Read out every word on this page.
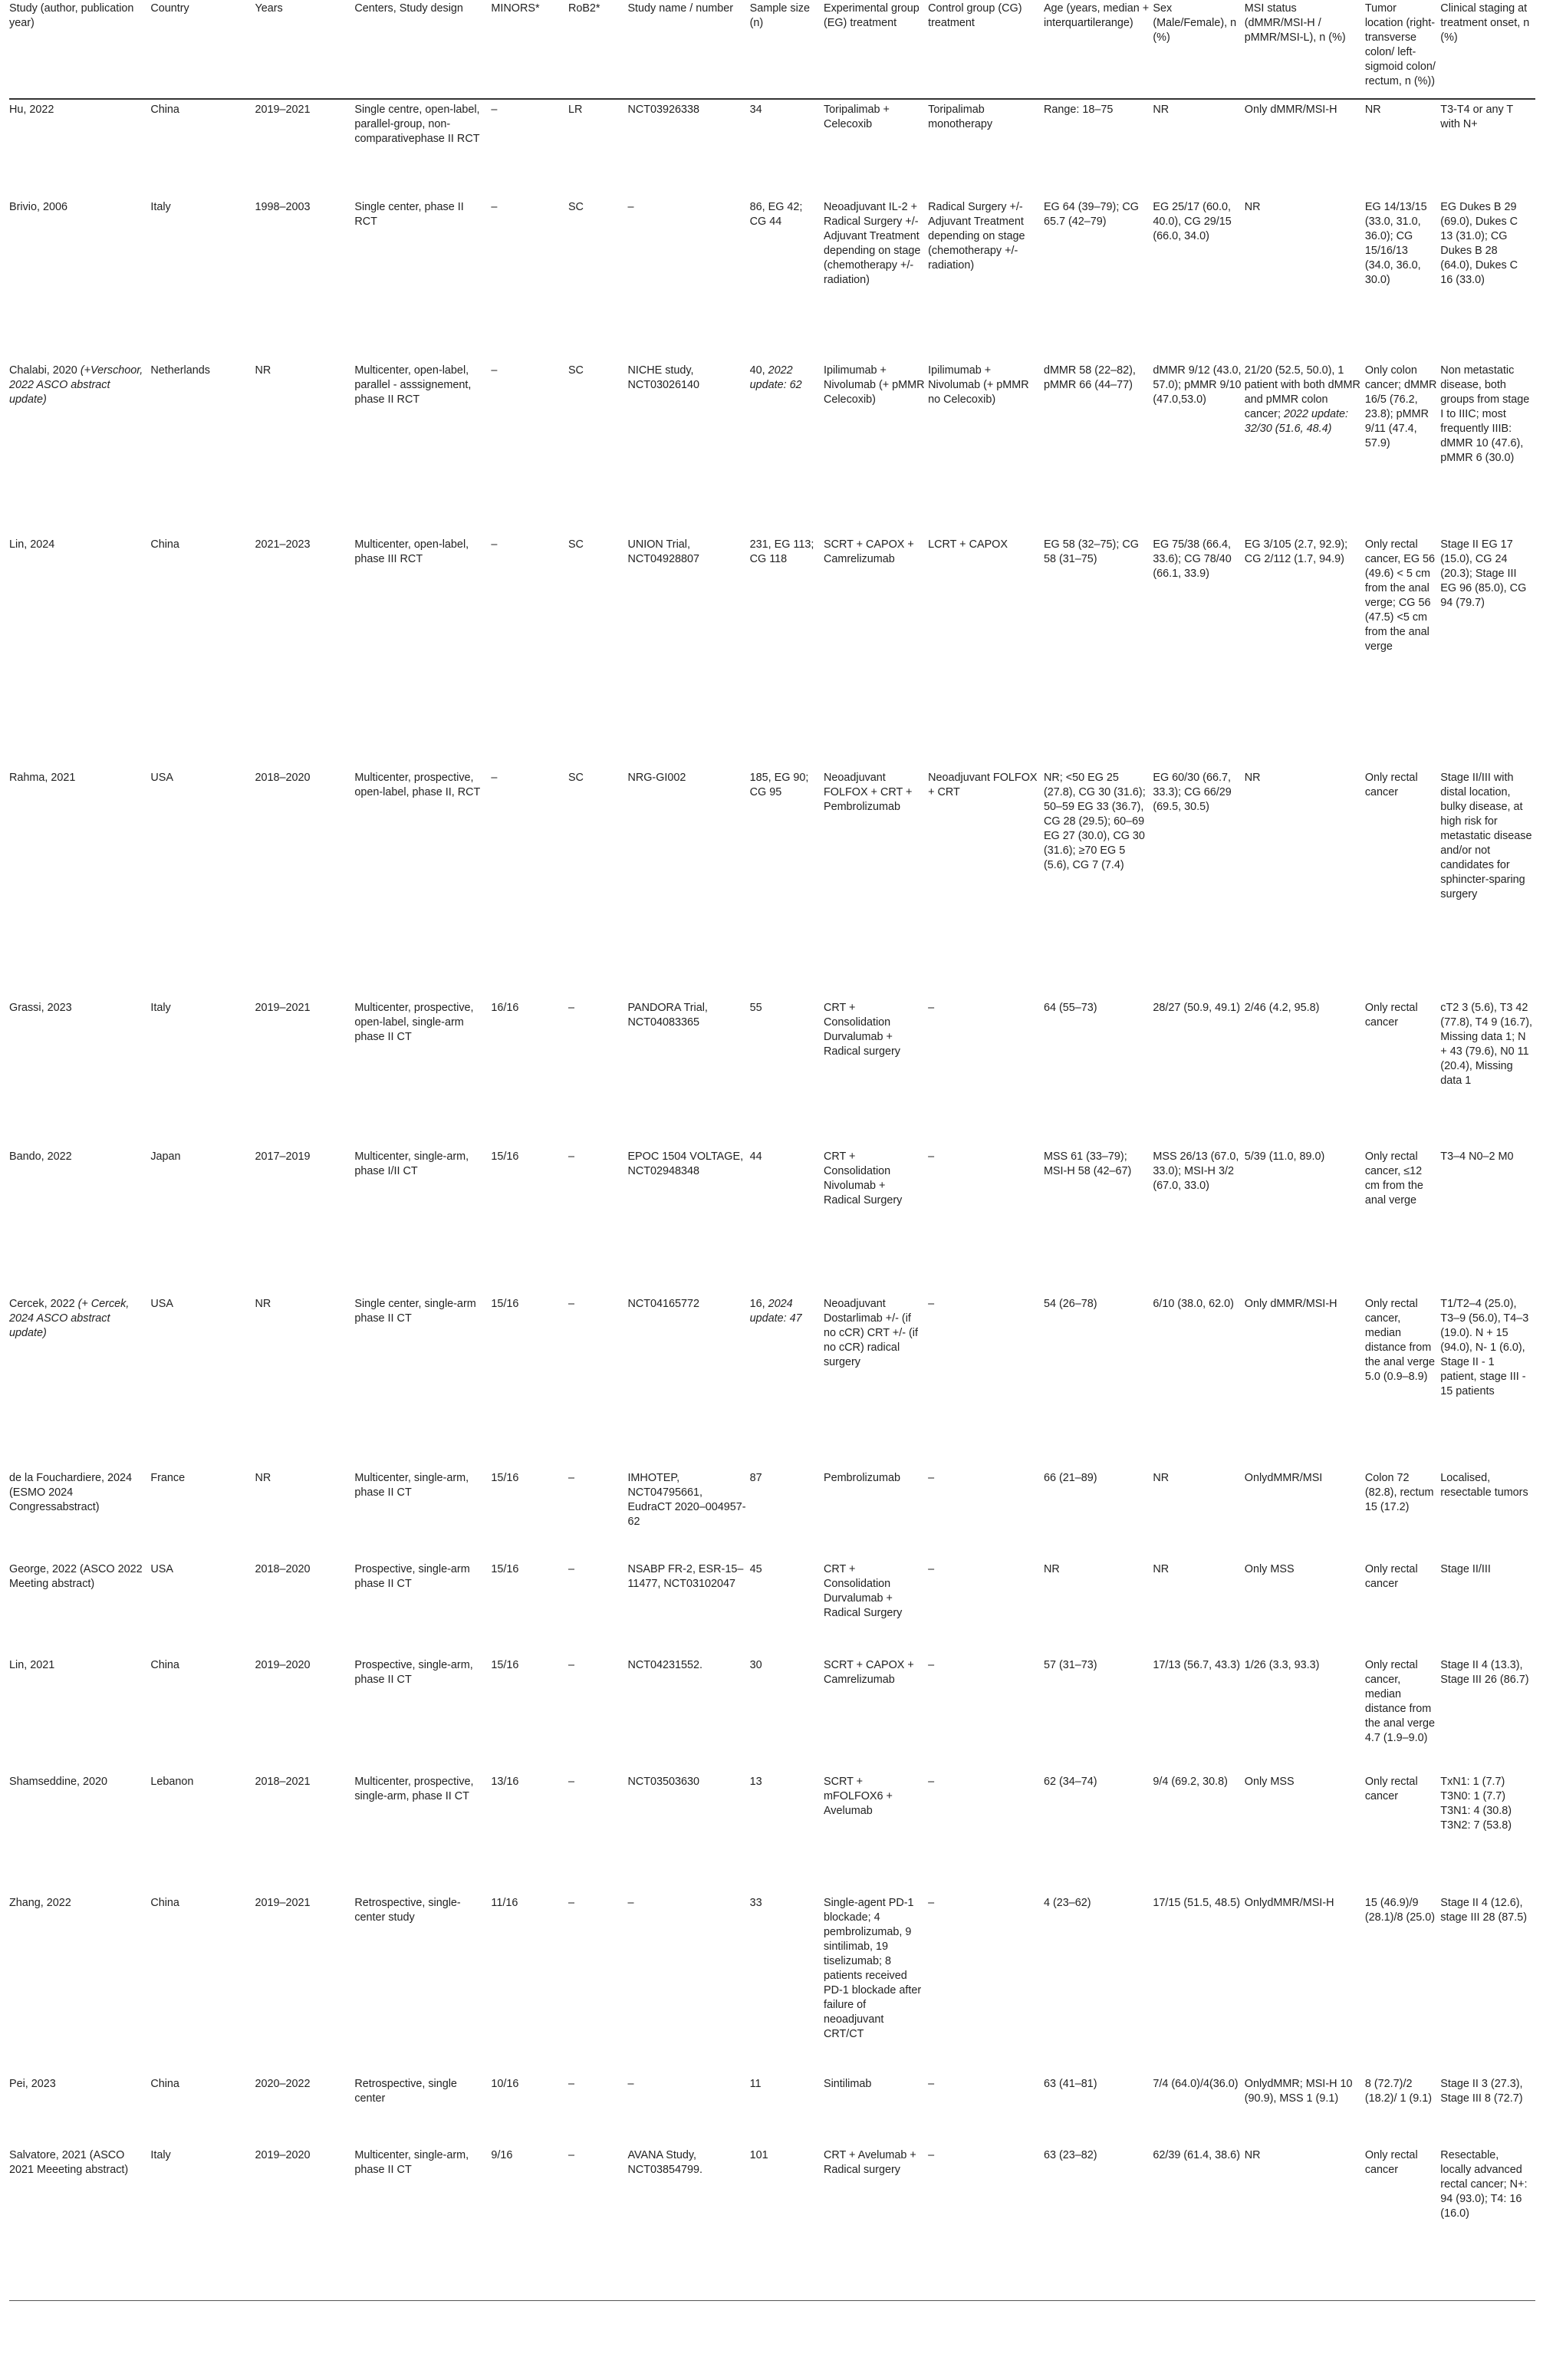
Study (author, publication year)	Country	Years	Centers, Study design	MINORS*	RoB2*	Study name / number	Sample size (n)	Experimental group (EG) treatment	Control group (CG) treatment	Age (years, median + interquartilerange)	Sex (Male/Female), n (%)	MSI status (dMMR/MSI-H / pMMR/MSI-L), n (%)	Tumor location (right-transverse colon/ left-sigmoid colon/ rectum, n (%))	Clinical staging at treatment onset, n (%)
Hu, 2022	China	2019–2021	Single centre, open-label, parallel-group, non-comparativephase II RCT	–	LR	NCT03926338	34	Toripalimab + Celecoxib	Toripalimab monotherapy	Range: 18–75	NR	Only dMMR/MSI-H	NR	T3-T4 or any T with N+
Brivio, 2006	Italy	1998–2003	Single center, phase II RCT	–	SC	–	86, EG 42; CG 44	Neoadjuvant IL-2 + Radical Surgery +/- Adjuvant Treatment depending on stage (chemotherapy +/- radiation)	Radical Surgery +/- Adjuvant Treatment depending on stage (chemotherapy +/- radiation)	EG 64 (39–79); CG 65.7 (42–79)	EG 25/17 (60.0, 40.0), CG 29/15 (66.0, 34.0)	NR	EG 14/13/15 (33.0, 31.0, 36.0); CG 15/16/13 (34.0, 36.0, 30.0)	EG Dukes B 29 (69.0), Dukes C 13 (31.0); CG Dukes B 28 (64.0), Dukes C 16 (33.0)
Chalabi, 2020 (+Verschoor, 2022 ASCO abstract update)	Netherlands	NR	Multicenter, open-label, parallel - asssignement, phase II RCT	–	SC	NICHE study, NCT03026140	40, 2022 update: 62	Ipilimumab + Nivolumab (+ pMMR Celecoxib)	Ipilimumab + Nivolumab (+ pMMR no Celecoxib)	dMMR 58 (22–82), pMMR 66 (44–77)	dMMR 9/12 (43.0, 57.0); pMMR 9/10 (47.0,53.0)	21/20 (52.5, 50.0), 1 patient with both dMMR and pMMR colon cancer; 2022 update: 32/30 (51.6, 48.4)	Only colon cancer; dMMR 16/5 (76.2, 23.8); pMMR 9/11 (47.4, 57.9)	Non metastatic disease, both groups from stage I to IIIC; most frequently IIIB: dMMR 10 (47.6), pMMR 6 (30.0)
Lin, 2024	China	2021–2023	Multicenter, open-label, phase III RCT	–	SC	UNION Trial, NCT04928807	231, EG 113; CG 118	SCRT + CAPOX + Camrelizumab	LCRT + CAPOX	EG 58 (32–75); CG 58 (31–75)	EG 75/38 (66.4, 33.6); CG 78/40 (66.1, 33.9)	EG 3/105 (2.7, 92.9); CG 2/112 (1.7, 94.9)	Only rectal cancer, EG 56 (49.6) < 5 cm from the anal verge; CG 56 (47.5) <5 cm from the anal verge	Stage II EG 17 (15.0), CG 24 (20.3); Stage III EG 96 (85.0), CG 94 (79.7)
Rahma, 2021	USA	2018–2020	Multicenter, prospective, open-label, phase II, RCT	–	SC	NRG-GI002	185, EG 90; CG 95	Neoadjuvant FOLFOX + CRT + Pembrolizumab	Neoadjuvant FOLFOX + CRT	NR; <50 EG 25 (27.8), CG 30 (31.6); 50–59 EG 33 (36.7), CG 28 (29.5); 60–69 EG 27 (30.0), CG 30 (31.6); ≥70 EG 5 (5.6), CG 7 (7.4)	EG 60/30 (66.7, 33.3); CG 66/29 (69.5, 30.5)	NR	Only rectal cancer	Stage II/III with distal location, bulky disease, at high risk for metastatic disease and/or not candidates for sphincter-sparing surgery
Grassi, 2023	Italy	2019–2021	Multicenter, prospective, open-label, single-arm phase II CT	16/16	–	PANDORA Trial, NCT04083365	55	CRT + Consolidation Durvalumab + Radical surgery	–	64 (55–73)	28/27 (50.9, 49.1)	2/46 (4.2, 95.8)	Only rectal cancer	cT2 3 (5.6), T3 42 (77.8), T4 9 (16.7), Missing data 1; N + 43 (79.6), N0 11 (20.4), Missing data 1
Bando, 2022	Japan	2017–2019	Multicenter, single-arm, phase I/II CT	15/16	–	EPOC 1504 VOLTAGE, NCT02948348	44	CRT + Consolidation Nivolumab + Radical Surgery	–	MSS 61 (33–79); MSI-H 58 (42–67)	MSS 26/13 (67.0, 33.0); MSI-H 3/2 (67.0, 33.0)	5/39 (11.0, 89.0)	Only rectal cancer, ≤12 cm from the anal verge	T3–4 N0–2 M0
Cercek, 2022 (+ Cercek, 2024 ASCO abstract update)	USA	NR	Single center, single-arm phase II CT	15/16	–	NCT04165772	16, 2024 update: 47	Neoadjuvant Dostarlimab +/- (if no cCR) CRT +/- (if no cCR) radical surgery	–	54 (26–78)	6/10 (38.0, 62.0)	Only dMMR/MSI-H	Only rectal cancer, median distance from the anal verge 5.0 (0.9–8.9)	T1/T2–4 (25.0), T3–9 (56.0), T4–3 (19.0). N + 15 (94.0), N- 1 (6.0), Stage II - 1 patient, stage III - 15 patients
de la Fouchardiere, 2024 (ESMO 2024 Congressabstract)	France	NR	Multicenter, single-arm, phase II CT	15/16	–	IMHOTEP, NCT04795661, EudraCT 2020–004957-62	87	Pembrolizumab	–	66 (21–89)	NR	OnlydMMR/MSI	Colon 72 (82.8), rectum 15 (17.2)	Localised, resectable tumors
George, 2022 (ASCO 2022 Meeting abstract)	USA	2018–2020	Prospective, single-arm phase II CT	15/16	–	NSABP FR-2, ESR-15–11477, NCT03102047	45	CRT + Consolidation Durvalumab + Radical Surgery	–	NR	NR	Only MSS	Only rectal cancer	Stage II/III
Lin, 2021	China	2019–2020	Prospective, single-arm, phase II CT	15/16	–	NCT04231552.	30	SCRT + CAPOX + Camrelizumab	–	57 (31–73)	17/13 (56.7, 43.3)	1/26 (3.3, 93.3)	Only rectal cancer, median distance from the anal verge 4.7 (1.9–9.0)	Stage II 4 (13.3), Stage III 26 (86.7)
Shamseddine, 2020	Lebanon	2018–2021	Multicenter, prospective, single-arm, phase II CT	13/16	–	NCT03503630	13	SCRT + mFOLFOX6 + Avelumab	–	62 (34–74)	9/4 (69.2, 30.8)	Only MSS	Only rectal cancer	TxN1: 1 (7.7) T3N0: 1 (7.7) T3N1: 4 (30.8) T3N2: 7 (53.8)
Zhang, 2022	China	2019–2021	Retrospective, single-center study	11/16	–	–	33	Single-agent PD-1 blockade; 4 pembrolizumab, 9 sintilimab, 19 tiselizumab; 8 patients received PD-1 blockade after failure of neoadjuvant CRT/CT	–	4 (23–62)	17/15 (51.5, 48.5)	OnlydMMR/MSI-H	15 (46.9)/9 (28.1)/8 (25.0)	Stage II 4 (12.6), stage III 28 (87.5)
Pei, 2023	China	2020–2022	Retrospective, single center	10/16	–	–	11	Sintilimab	–	63 (41–81)	7/4 (64.0)/4(36.0)	OnlydMMR; MSI-H 10 (90.9), MSS 1 (9.1)	8 (72.7)/2 (18.2)/ 1 (9.1)	Stage II 3 (27.3), Stage III 8 (72.7)
Salvatore, 2021 (ASCO 2021 Meeeting abstract)	Italy	2019–2020	Multicenter, single-arm, phase II CT	9/16	–	AVANA Study, NCT03854799.	101	CRT + Avelumab + Radical surgery	–	63 (23–82)	62/39 (61.4, 38.6)	NR	Only rectal cancer	Resectable, locally advanced rectal cancer; N+: 94 (93.0); T4: 16 (16.0)
